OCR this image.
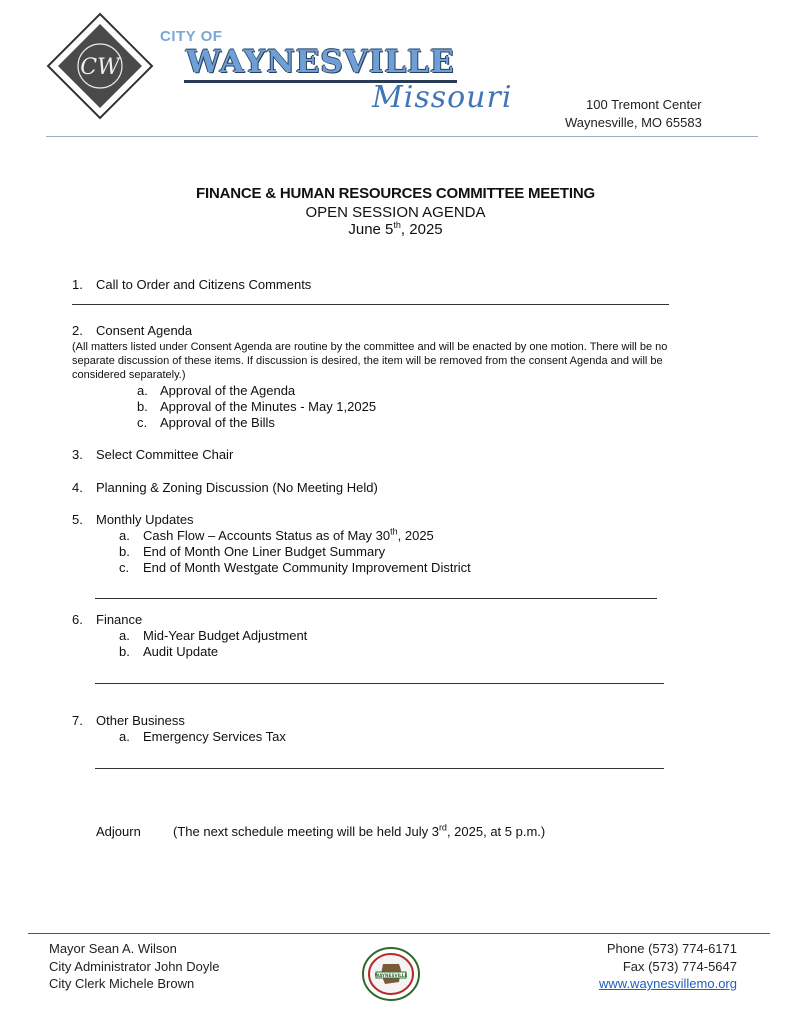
CW
CITY OF
WAYNESVILLE
Missouri	100 Tremont Center
Waynesville, MO 65583
FINANCE & HUMAN RESOURCES COMMITTEE MEETING
OPEN SESSION AGENDA
June 5th, 2025
1. Call to Order and Citizens Comments
2. Consent Agenda
(All matters listed under Consent Agenda are routine by the committee and will be enacted by one motion. There will be no separate discussion of these items. If discussion is desired, the item will be removed from the consent Agenda and will be considered separately.)
a. Approval of the Agenda
b. Approval of the Minutes - May 1,2025
c. Approval of the Bills
3. Select Committee Chair
4. Planning & Zoning Discussion (No Meeting Held)
5. Monthly Updates
a. Cash Flow – Accounts Status as of May 30th, 2025
b. End of Month One Liner Budget Summary
c. End of Month Westgate Community Improvement District
6. Finance
a. Mid-Year Budget Adjustment
b. Audit Update
7. Other Business
a. Emergency Services Tax
Adjourn (The next schedule meeting will be held July 3rd, 2025, at 5 p.m.)
Mayor Sean A. Wilson
City Administrator John Doyle
City Clerk Michele Brown
WAYNESVILLE
Phone (573) 774-6171
Fax (573) 774-5647
www.waynesvillemo.org
